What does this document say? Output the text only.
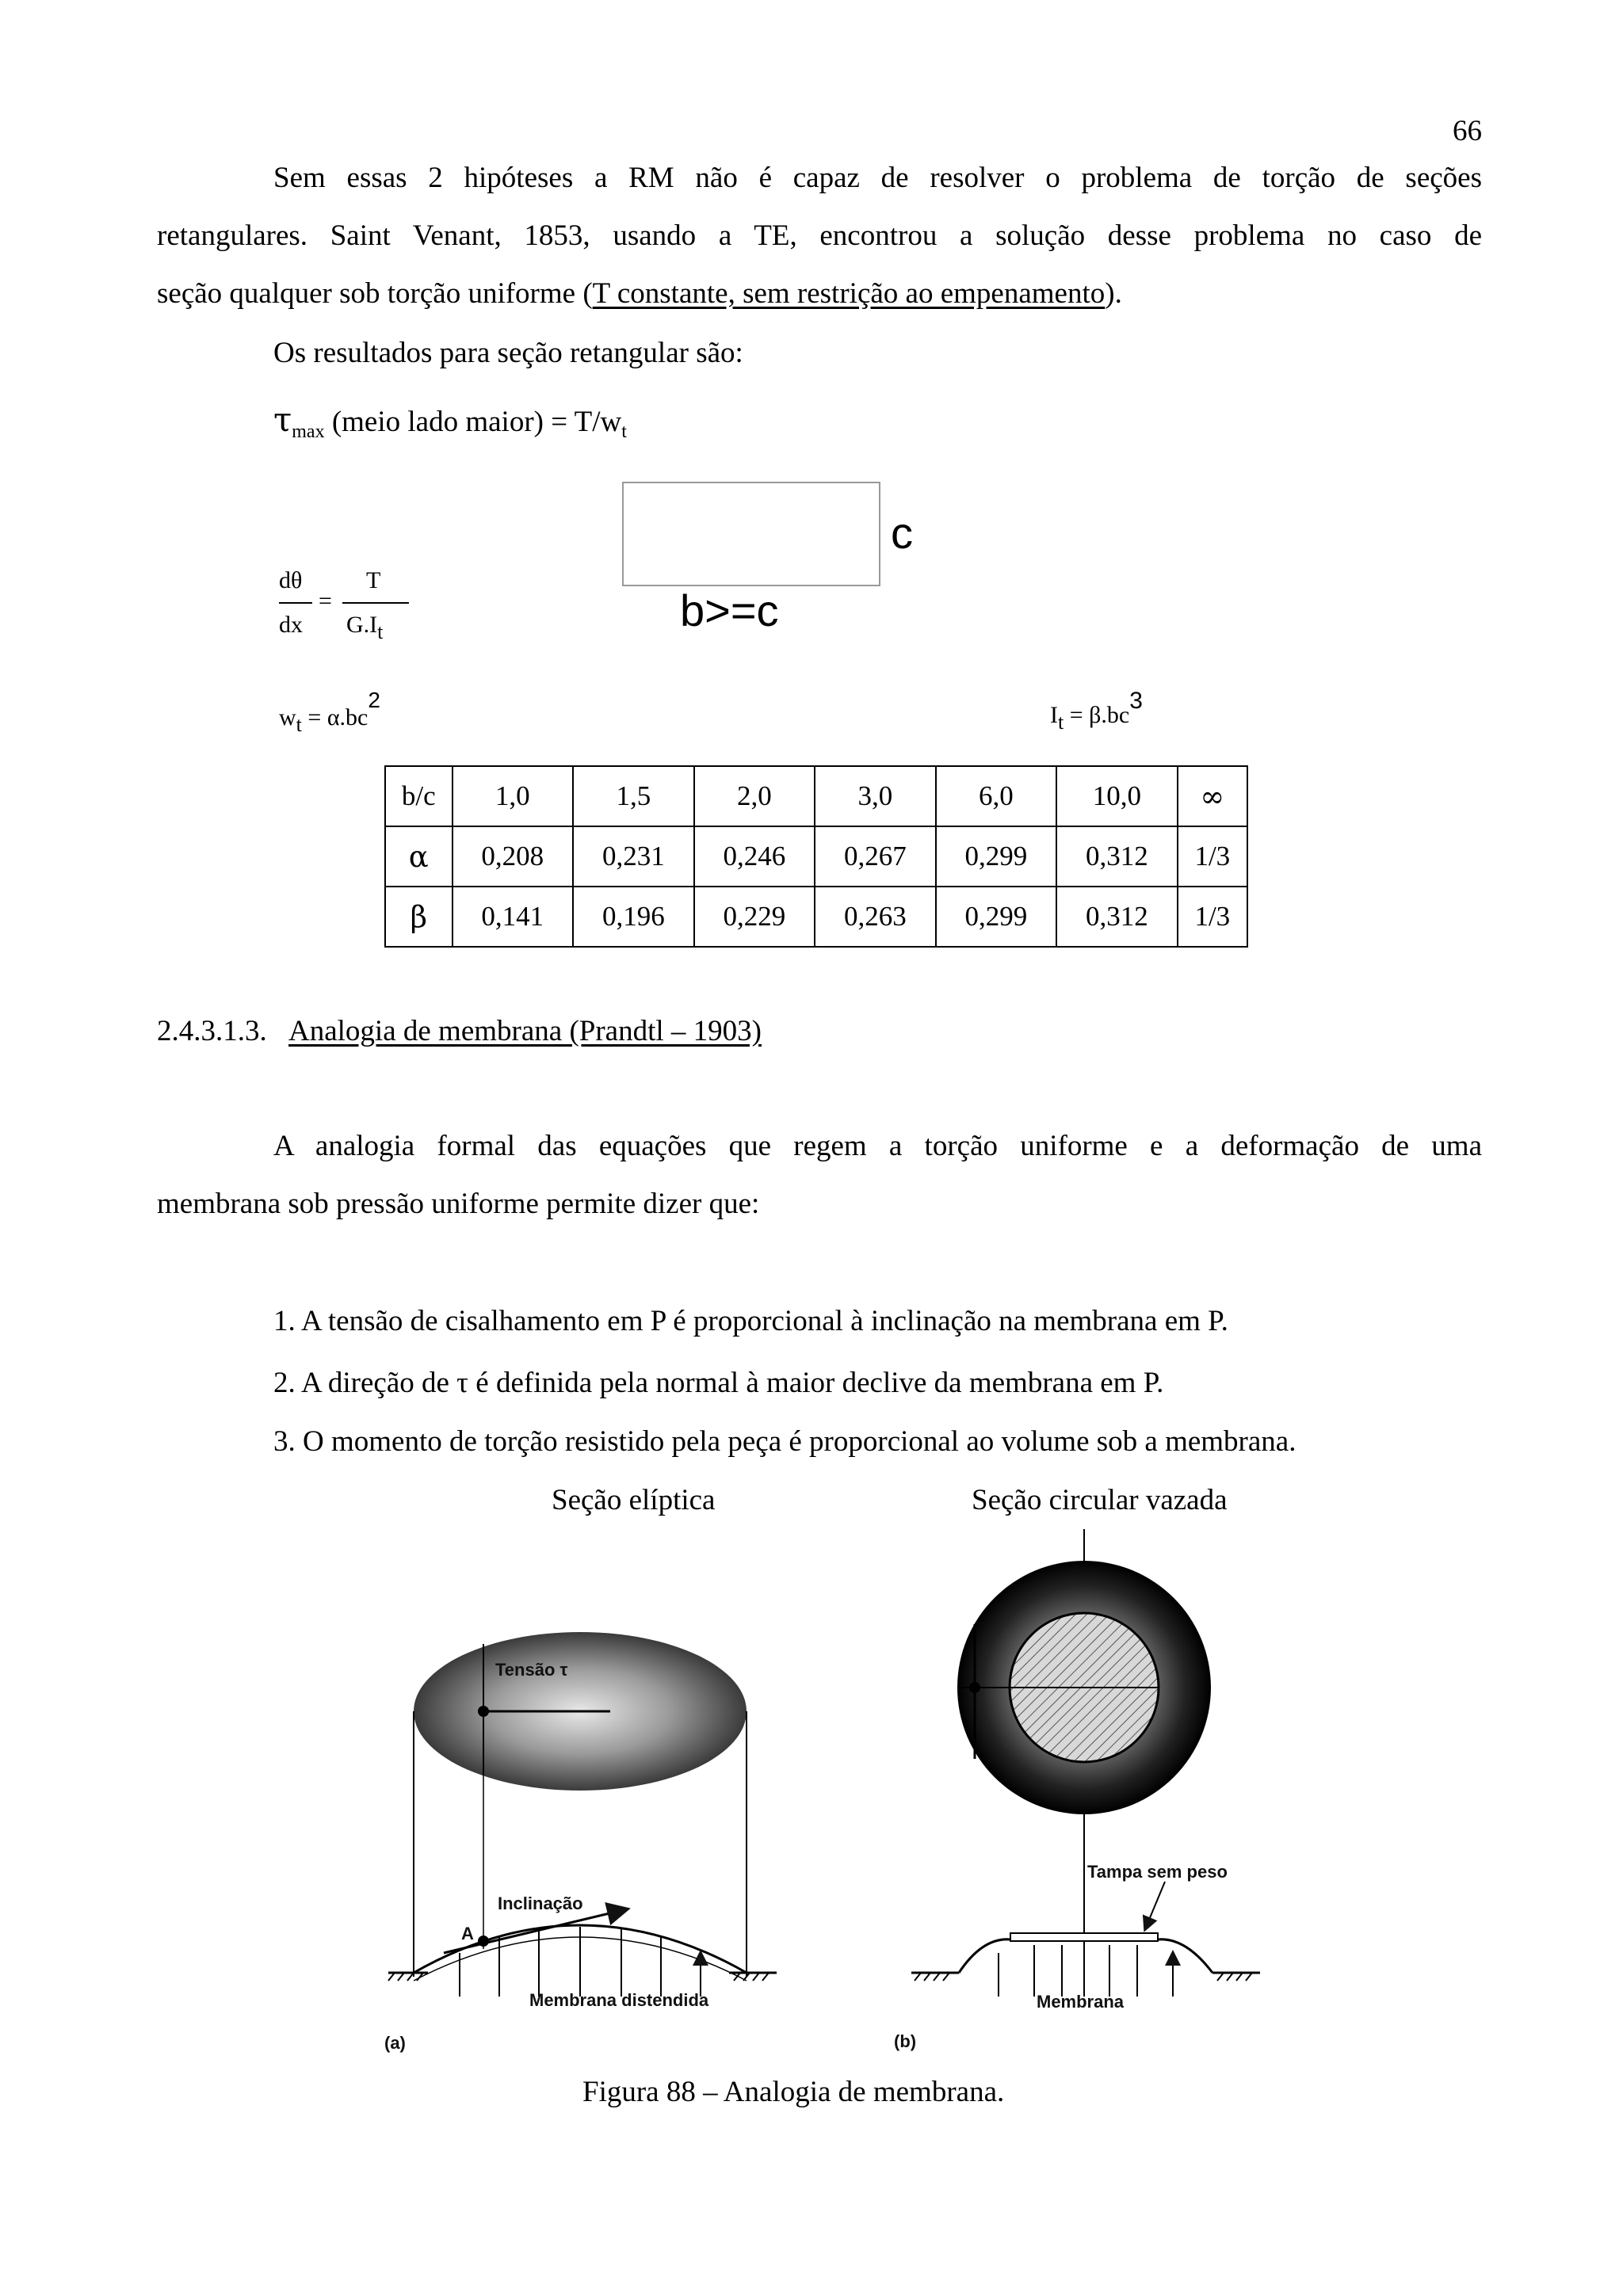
66
Sem essas 2 hipóteses a RM não é capaz de resolver o problema de torção de seções
retangulares. Saint Venant, 1853, usando a TE, encontrou a solução desse problema no caso de
seção qualquer sob torção uniforme (T constante, sem restrição ao empenamento).
Os resultados para seção retangular são:
$\tau_{max}$ (meio lado maior) = $T/w_t$
dθ
dx
=
T
G.It
c
b>=c
wt = α.bc2
It = β.bc3
b/c	1,0	1,5	2,0	3,0	6,0	10,0	∞
α	0,208	0,231	0,246	0,267	0,299	0,312	1/3
β	0,141	0,196	0,229	0,263	0,299	0,312	1/3
2.4.3.1.3. Analogia de membrana (Prandtl – 1903)
A analogia formal das equações que regem a torção uniforme e a deformação de uma
membrana sob pressão uniforme permite dizer que:
1. A tensão de cisalhamento em P é proporcional à inclinação na membrana em P.
2. A direção de τ é definida pela normal à maior declive da membrana em P.
3. O momento de torção resistido pela peça é proporcional ao volume sob a membrana.
Seção elíptica	Seção circular vazada
Tensão τ
Inclinação
A
Membrana distendida
(a)
Tampa sem peso
Membrana
(b)
Figura 88 – Analogia de membrana.
